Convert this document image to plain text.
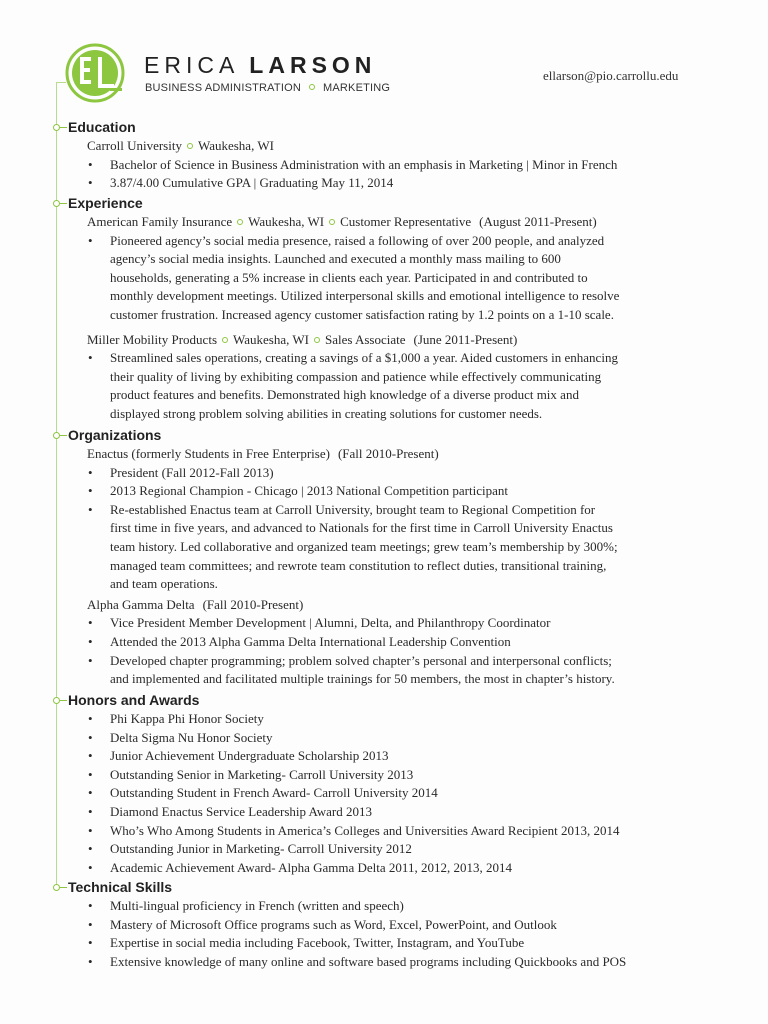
ERICA LARSON
BUSINESS ADMINISTRATION MARKETING
ellarson@pio.carrollu.edu
Education
Carroll University Waukesha, WI
• Bachelor of Science in Business Administration with an emphasis in Marketing | Minor in French
• 3.87/4.00 Cumulative GPA | Graduating May 11, 2014
Experience
American Family Insurance Waukesha, WI Customer Representative (August 2011-Present)
• Pioneered agency’s social media presence, raised a following of over 200 people, and analyzed
agency’s social media insights. Launched and executed a monthly mass mailing to 600
households, generating a 5% increase in clients each year. Participated in and contributed to
monthly development meetings. Utilized interpersonal skills and emotional intelligence to resolve
customer frustration. Increased agency customer satisfaction rating by 1.2 points on a 1-10 scale.
Miller Mobility Products Waukesha, WI Sales Associate (June 2011-Present)
• Streamlined sales operations, creating a savings of a $1,000 a year. Aided customers in enhancing
their quality of living by exhibiting compassion and patience while effectively communicating
product features and benefits. Demonstrated high knowledge of a diverse product mix and
displayed strong problem solving abilities in creating solutions for customer needs.
Organizations
Enactus (formerly Students in Free Enterprise) (Fall 2010-Present)
• President (Fall 2012-Fall 2013)
• 2013 Regional Champion - Chicago | 2013 National Competition participant
• Re-established Enactus team at Carroll University, brought team to Regional Competition for
first time in five years, and advanced to Nationals for the first time in Carroll University Enactus
team history. Led collaborative and organized team meetings; grew team’s membership by 300%;
managed team committees; and rewrote team constitution to reflect duties, transitional training,
and team operations.
Alpha Gamma Delta (Fall 2010-Present)
• Vice President Member Development | Alumni, Delta, and Philanthropy Coordinator
• Attended the 2013 Alpha Gamma Delta International Leadership Convention
• Developed chapter programming; problem solved chapter’s personal and interpersonal conflicts;
and implemented and facilitated multiple trainings for 50 members, the most in chapter’s history.
Honors and Awards
• Phi Kappa Phi Honor Society
• Delta Sigma Nu Honor Society
• Junior Achievement Undergraduate Scholarship 2013
• Outstanding Senior in Marketing- Carroll University 2013
• Outstanding Student in French Award- Carroll University 2014
• Diamond Enactus Service Leadership Award 2013
• Who’s Who Among Students in America’s Colleges and Universities Award Recipient 2013, 2014
• Outstanding Junior in Marketing- Carroll University 2012
• Academic Achievement Award- Alpha Gamma Delta 2011, 2012, 2013, 2014
Technical Skills
• Multi-lingual proficiency in French (written and speech)
• Mastery of Microsoft Office programs such as Word, Excel, PowerPoint, and Outlook
• Expertise in social media including Facebook, Twitter, Instagram, and YouTube
• Extensive knowledge of many online and software based programs including Quickbooks and POS
